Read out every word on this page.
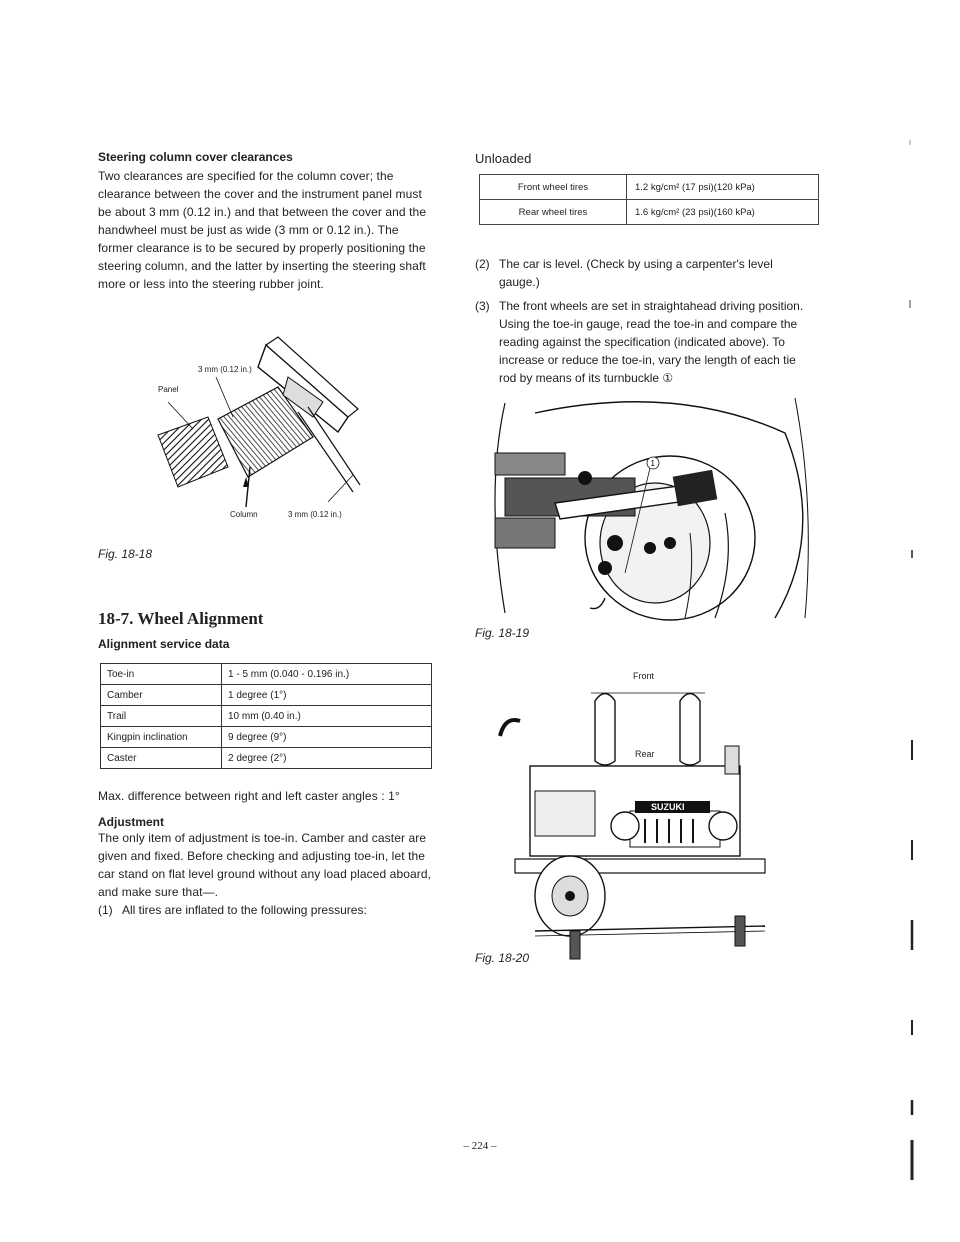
Steering column cover clearances

Two clearances are specified for the column cover; the clearance between the cover and the instrument panel must be about 3 mm (0.12 in.) and that between the cover and the handwheel must be just as wide (3 mm or 0.12 in.). The former clearance is to be secured by properly positioning the steering column, and the latter by inserting the steering shaft more or less into the steering rubber joint.

3 mm (0.12 in.)
Panel
Column	3 mm (0.12 in.)
Fig. 18-18

18-7. Wheel Alignment

Alignment service data

Toe-in	1 - 5 mm (0.040 - 0.196 in.)
Camber	1 degree (1°)
Trail	10 mm (0.40 in.)
Kingpin inclination	9 degree (9°)
Caster	2 degree (2°)

Max. difference between right and left caster angles : 1°

Adjustment

The only item of adjustment is toe-in. Camber and caster are given and fixed. Before checking and adjusting toe-in, let the car stand on flat level ground without any load placed aboard, and make sure that—.

(1) All tires are inflated to the following pressures:

Unloaded

Front wheel tires	1.2 kg/cm² (17 psi)(120 kPa)
Rear wheel tires	1.6 kg/cm² (23 psi)(160 kPa)
(2) The car is level. (Check by using a carpenter's level gauge.)
(3) The front wheels are set in straightahead driving position.
Using the toe-in gauge, read the toe-in and compare the reading against the specification (indicated above). To increase or reduce the toe-in, vary the length of each tie rod by means of its turnbuckle ①
1
Fig. 18-19
SUZUKI
Front
Rear
Fig. 18-20
– 224 –
